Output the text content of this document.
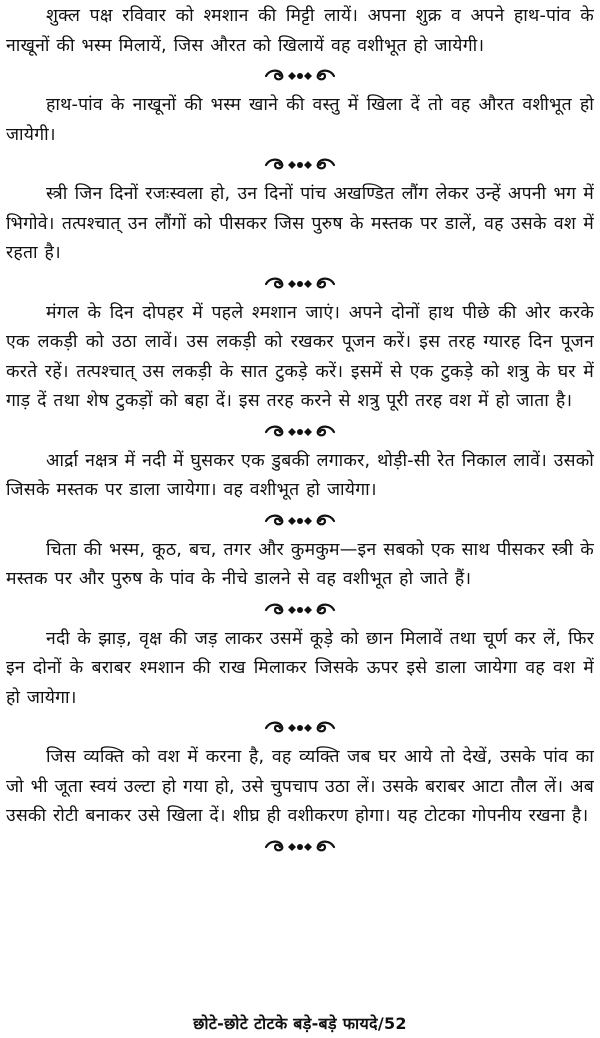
शुक्ल पक्ष रविवार को श्मशान की मिट्टी लायें। अपना शुक्र व अपने हाथ-पांव के नाखूनों की भस्म मिलायें, जिस औरत को खिलायें वह वशीभूत हो जायेगी।

हाथ-पांव के नाखूनों की भस्म खाने की वस्तु में खिला दें तो वह औरत वशीभूत हो जायेगी।

स्त्री जिन दिनों रजःस्वला हो, उन दिनों पांच अखण्डित लौंग लेकर उन्हें अपनी भग में भिगोवे। तत्पश्चात् उन लौंगों को पीसकर जिस पुरुष के मस्तक पर डालें, वह उसके वश में रहता है।

मंगल के दिन दोपहर में पहले श्मशान जाएं। अपने दोनों हाथ पीछे की ओर करके एक लकड़ी को उठा लावें। उस लकड़ी को रखकर पूजन करें। इस तरह ग्यारह दिन पूजन करते रहें। तत्पश्चात् उस लकड़ी के सात टुकड़े करें। इसमें से एक टुकड़े को शत्रु के घर में गाड़ दें तथा शेष टुकड़ों को बहा दें। इस तरह करने से शत्रु पूरी तरह वश में हो जाता है।

आर्द्रा नक्षत्र में नदी में घुसकर एक डुबकी लगाकर, थोड़ी-सी रेत निकाल लावें। उसको जिसके मस्तक पर डाला जायेगा। वह वशीभूत हो जायेगा।

चिता की भस्म, कूठ, बच, तगर और कुमकुम—इन सबको एक साथ पीसकर स्त्री के मस्तक पर और पुरुष के पांव के नीचे डालने से वह वशीभूत हो जाते हैं।

नदी के झाड़, वृक्ष की जड़ लाकर उसमें कूड़े को छान मिलावें तथा चूर्ण कर लें, फिर इन दोनों के बराबर श्मशान की राख मिलाकर जिसके ऊपर इसे डाला जायेगा वह वश में हो जायेगा।

जिस व्यक्ति को वश में करना है, वह व्यक्ति जब घर आये तो देखें, उसके पांव का जो भी जूता स्वयं उल्टा हो गया हो, उसे चुपचाप उठा लें। उसके बराबर आटा तौल लें। अब उसकी रोटी बनाकर उसे खिला दें। शीघ्र ही वशीकरण होगा। यह टोटका गोपनीय रखना है।

छोटे-छोटे टोटके बड़े-बड़े फायदे/52
